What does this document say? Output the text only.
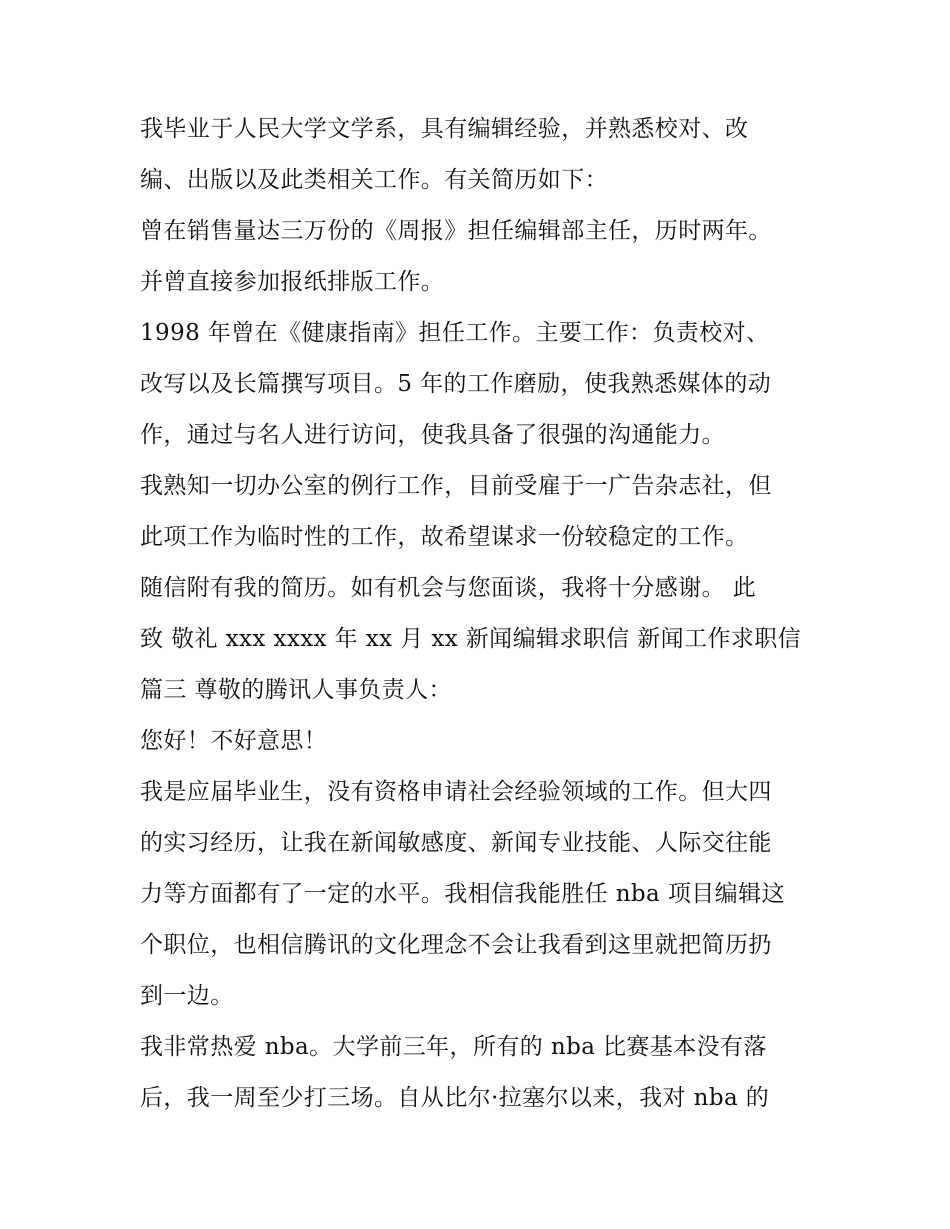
我毕业于人民大学文学系，具有编辑经验，并熟悉校对、改
编、出版以及此类相关工作。有关简历如下：
曾在销售量达三万份的《周报》担任编辑部主任，历时两年。
并曾直接参加报纸排版工作。
1998 年曾在《健康指南》担任工作。主要工作：负责校对、
改写以及长篇撰写项目。5 年的工作磨励，使我熟悉媒体的动
作，通过与名人进行访问，使我具备了很强的沟通能力。
我熟知一切办公室的例行工作，目前受雇于一广告杂志社，但
此项工作为临时性的工作，故希望谋求一份较稳定的工作。
随信附有我的简历。如有机会与您面谈，我将十分感谢。 此
致 敬礼 xxx xxxx 年 xx 月 xx 新闻编辑求职信 新闻工作求职信
篇三 尊敬的腾讯人事负责人：
您好！不好意思！
我是应届毕业生，没有资格申请社会经验领域的工作。但大四
的实习经历，让我在新闻敏感度、新闻专业技能、人际交往能
力等方面都有了一定的水平。我相信我能胜任 nba 项目编辑这
个职位，也相信腾讯的文化理念不会让我看到这里就把简历扔
到一边。
我非常热爱 nba。大学前三年，所有的 nba 比赛基本没有落
后，我一周至少打三场。自从比尔·拉塞尔以来，我对 nba 的
